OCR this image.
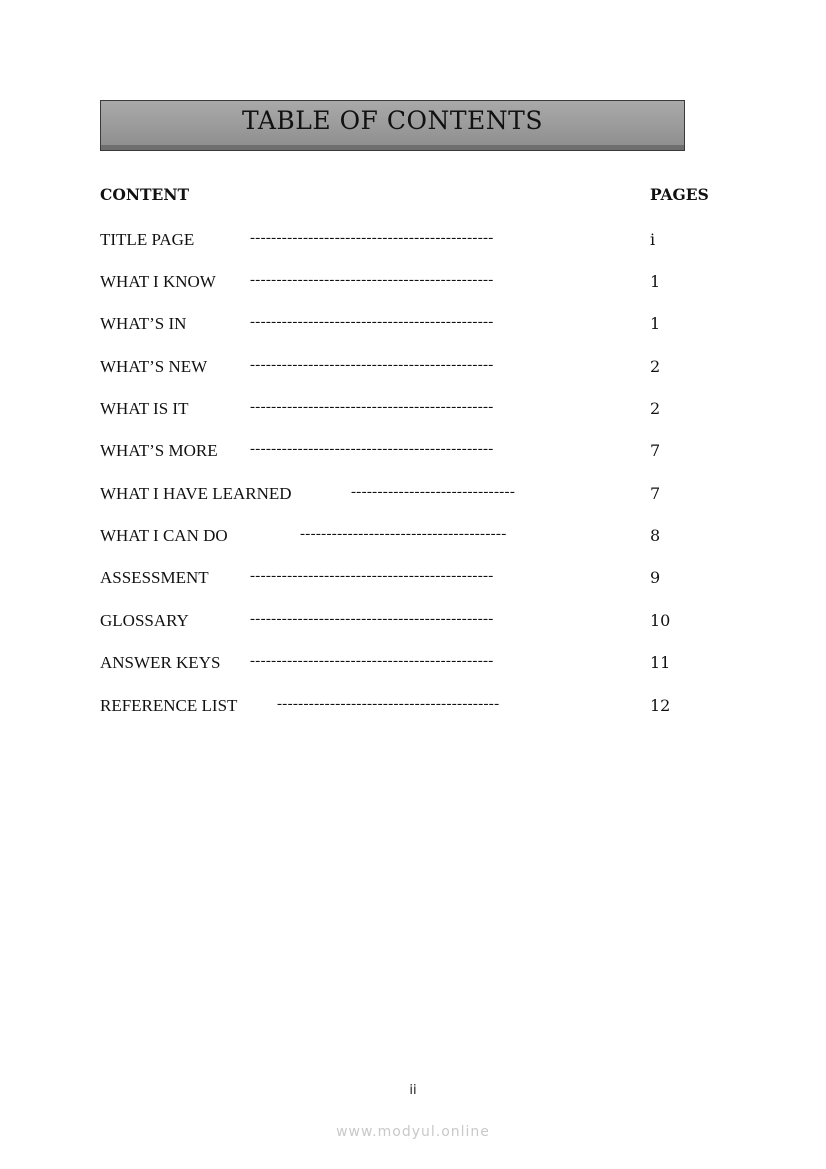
TABLE OF CONTENTS
CONTENT	PAGES
TITLE PAGE	----------------------------------------------	i
WHAT I KNOW ----------------------------------------------	1
WHAT’S IN	----------------------------------------------	1
WHAT’S NEW	----------------------------------------------	2
WHAT IS IT	----------------------------------------------	2
WHAT’S MORE ----------------------------------------------	7
WHAT I HAVE LEARNED	-------------------------------	7
WHAT I CAN DO	---------------------------------------	8
ASSESSMENT	----------------------------------------------	9
GLOSSARY	----------------------------------------------	10
ANSWER KEYS ----------------------------------------------	11
REFERENCE LIST	------------------------------------------	12
ii
www.modyul.online
